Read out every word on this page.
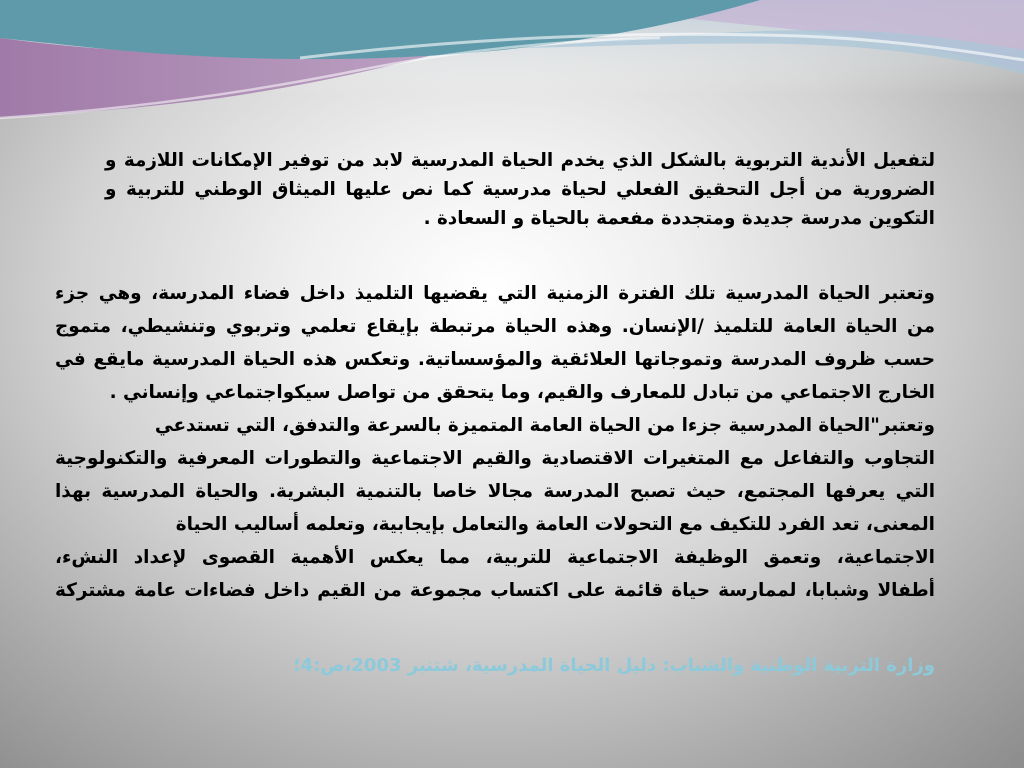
لتفعيل الأندية التربوية بالشكل الذي يخدم الحياة المدرسية لابد من توفير الإمكانات اللازمة و
الضرورية من أجل التحقيق الفعلي لحياة مدرسية كما نص عليها الميثاق الوطني للتربية و
التكوين مدرسة جديدة ومتجددة مفعمة بالحياة و السعادة .
وتعتبر الحياة المدرسية تلك الفترة الزمنية التي يقضيها التلميذ داخل فضاء المدرسة، وهي جزء
من الحياة العامة للتلميذ /الإنسان. وهذه الحياة مرتبطة بإيقاع تعلمي وتربوي وتنشيطي، متموج
حسب ظروف المدرسة وتموجاتها العلائقية والمؤسساتية. وتعكس هذه الحياة المدرسية مايقع في
الخارج الاجتماعي من تبادل للمعارف والقيم، وما يتحقق من تواصل سيكواجتماعي وإنساني .
وتعتبر"الحياة المدرسية جزءا من الحياة العامة المتميزة بالسرعة والتدفق، التي تستدعي
التجاوب والتفاعل مع المتغيرات الاقتصادية والقيم الاجتماعية والتطورات المعرفية والتكنولوجية
التي يعرفها المجتمع، حيث تصبح المدرسة مجالا خاصا بالتنمية البشرية. والحياة المدرسية بهذا
المعنى، تعد الفرد للتكيف مع التحولات العامة والتعامل بإيجابية، وتعلمه أساليب الحياة
الاجتماعية، وتعمق الوظيفة الاجتماعية للتربية، مما يعكس الأهمية القصوى لإعداد النشء،
أطفالا وشبابا، لممارسة حياة قائمة على اكتساب مجموعة من القيم داخل فضاءات عامة مشتركة
وزارة التربية الوطنية والشباب: دليل الحياة المدرسية، شتنبر 2003،ص:4؛
